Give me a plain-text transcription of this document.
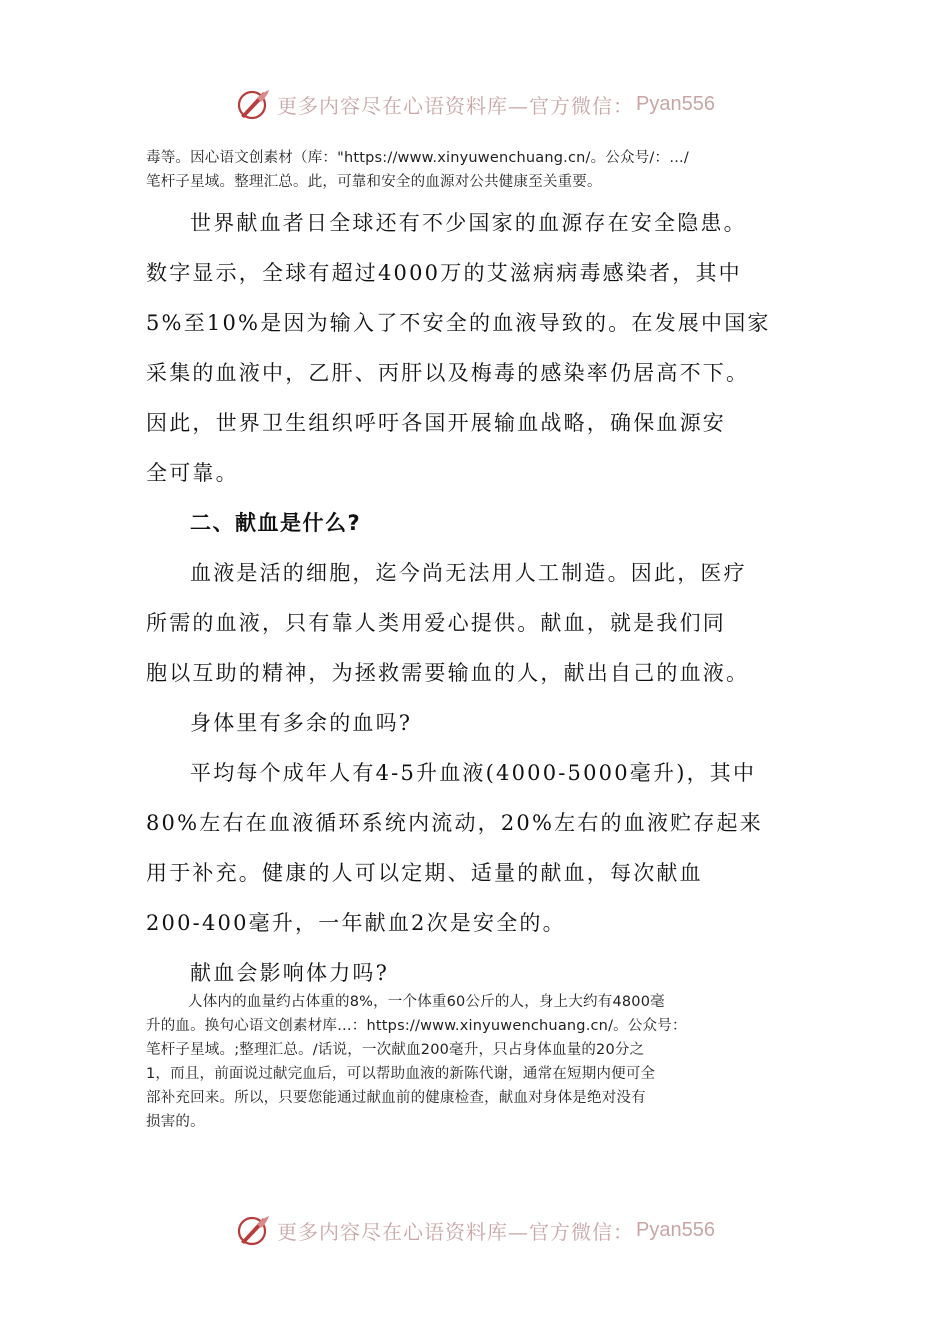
更多内容尽在心语资料库—官方微信： Pyan556

毒等。因心语文创素材（库："https://www.xinyuwenchuang.cn/。公众号/：…/

笔杆子星域。整理汇总。此，可靠和安全的血源对公共健康至关重要。

世界献血者日全球还有不少国家的血源存在安全隐患。

数字显示，全球有超过4000万的艾滋病病毒感染者，其中

5%至10%是因为输入了不安全的血液导致的。在发展中国家

采集的血液中，乙肝、丙肝以及梅毒的感染率仍居高不下。

因此，世界卫生组织呼吁各国开展输血战略，确保血源安

全可靠。

二、献血是什么?

血液是活的细胞，迄今尚无法用人工制造。因此，医疗

所需的血液，只有靠人类用爱心提供。献血，就是我们同

胞以互助的精神，为拯救需要输血的人，献出自己的血液。

身体里有多余的血吗?

平均每个成年人有4-5升血液(4000-5000毫升)，其中

80%左右在血液循环系统内流动，20%左右的血液贮存起来

用于补充。健康的人可以定期、适量的献血，每次献血

200-400毫升，一年献血2次是安全的。

献血会影响体力吗?

人体内的血量约占体重的8%，一个体重60公斤的人，身上大约有4800毫

升的血。换句心语文创素材库…：https://www.xinyuwenchuang.cn/。公众号：

笔杆子星域。;整理汇总。/话说，一次献血200毫升，只占身体血量的20分之

1，而且，前面说过献完血后，可以帮助血液的新陈代谢，通常在短期内便可全

部补充回来。所以，只要您能通过献血前的健康检查，献血对身体是绝对没有

损害的。

更多内容尽在心语资料库—官方微信： Pyan556
